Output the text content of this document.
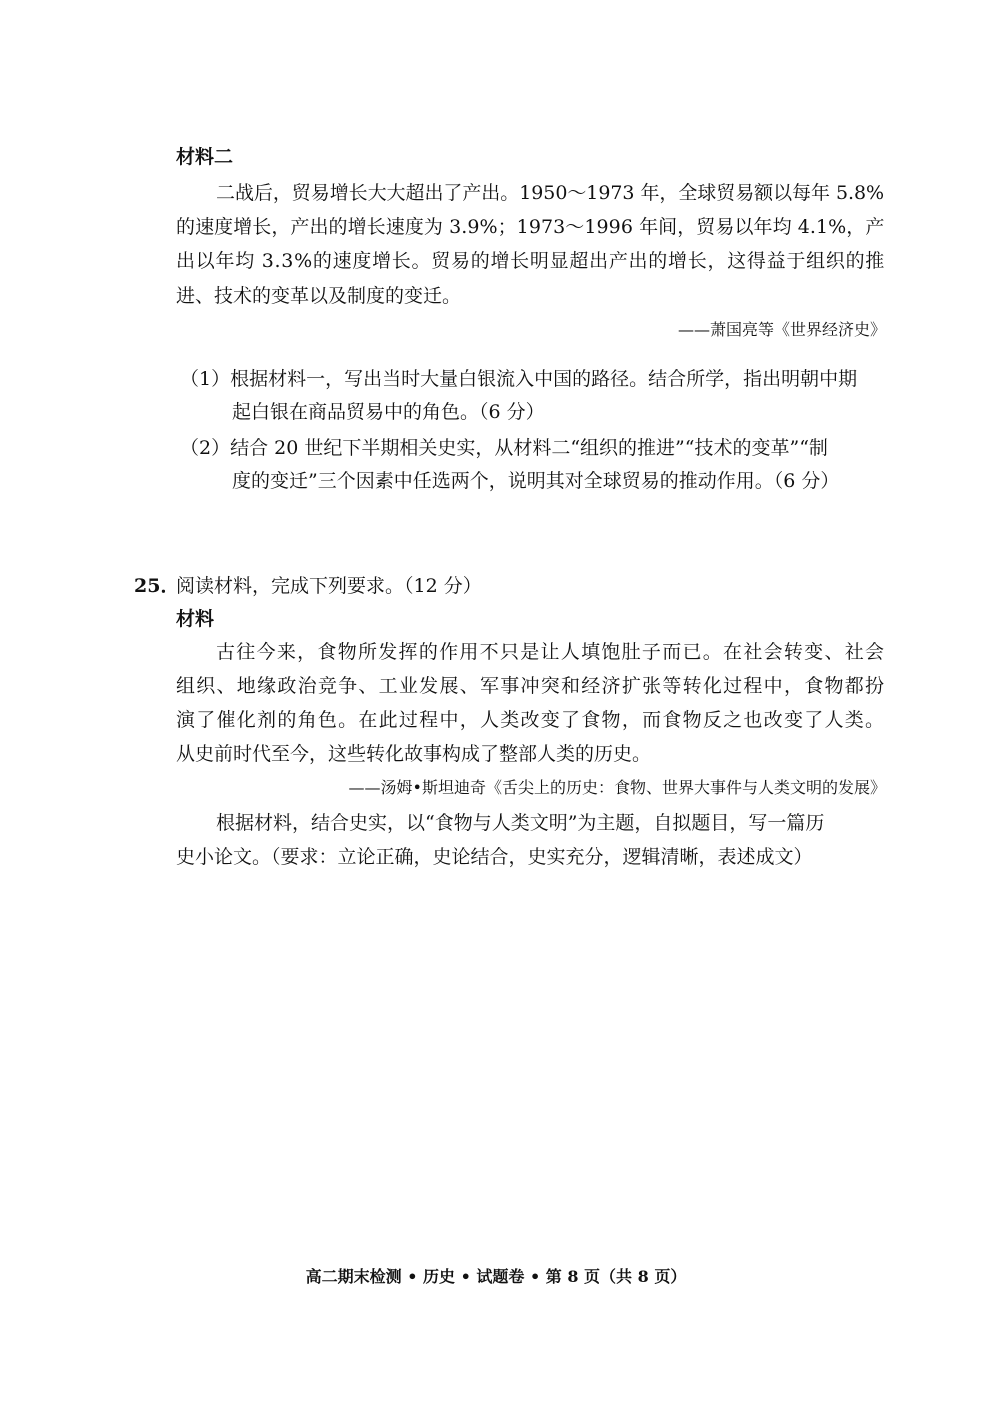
材料二
二战后，贸易增长大大超出了产出。1950～1973 年，全球贸易额以每年 5.8%
的速度增长，产出的增长速度为 3.9%；1973～1996 年间，贸易以年均 4.1%，产
出以年均 3.3%的速度增长。贸易的增长明显超出产出的增长，这得益于组织的推
进、技术的变革以及制度的变迁。
——萧国亮等《世界经济史》
（1）根据材料一，写出当时大量白银流入中国的路径。结合所学，指出明朝中期
起白银在商品贸易中的角色。（6 分）
（2）结合 20 世纪下半期相关史实，从材料二“组织的推进”“技术的变革”“制
度的变迁”三个因素中任选两个，说明其对全球贸易的推动作用。（6 分）
25．
阅读材料，完成下列要求。（12 分）
材料
古往今来，食物所发挥的作用不只是让人填饱肚子而已。在社会转变、社会
组织、地缘政治竞争、工业发展、军事冲突和经济扩张等转化过程中，食物都扮
演了催化剂的角色。在此过程中，人类改变了食物，而食物反之也改变了人类。
从史前时代至今，这些转化故事构成了整部人类的历史。
——汤姆•斯坦迪奇《舌尖上的历史：食物、世界大事件与人类文明的发展》
根据材料，结合史实，以“食物与人类文明”为主题，自拟题目，写一篇历
史小论文。（要求：立论正确，史论结合，史实充分，逻辑清晰，表述成文）
高二期末检测 • 历史 • 试题卷 • 第 8 页（共 8 页）
